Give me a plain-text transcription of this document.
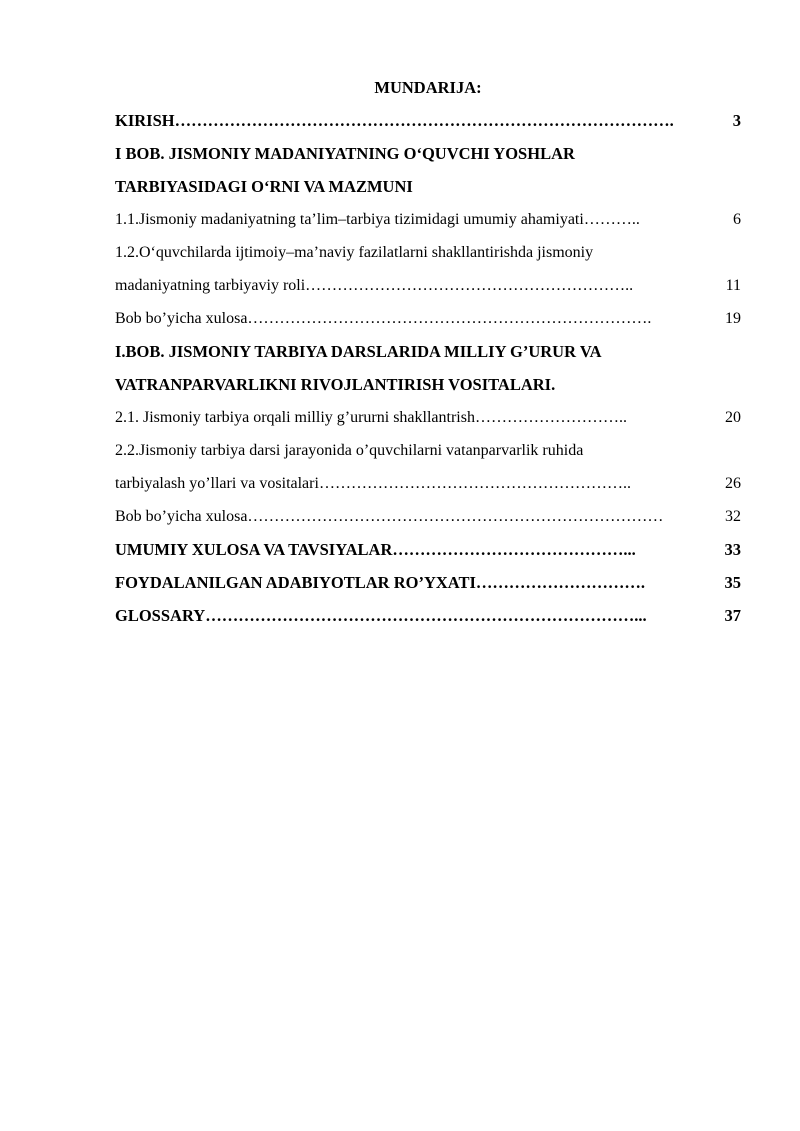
MUNDARIJA:
KIRISH ……………………………………………………………………………….	3
I BOB. JISMONIY MADANIYATNING O‘QUVCHI YOSHLAR
TARBIYASIDAGI O‘RNI VA MAZMUNI
1.1.Jismoniy madaniyatning ta’lim–tarbiya tizimidagi umumiy ahamiyati ………..	6
1.2.O‘quvchilarda ijtimoiy–ma’naviy fazilatlarni shakllantirishda jismoniy
madaniyatning tarbiyaviy roli ……………………………………………………..	11
Bob bo’yicha xulosa ………………………………………………………………….	19
I.BOB. JISMONIY TARBIYA DARSLARIDA MILLIY G’URUR VA
VATRANPARVARLIKNI RIVOJLANTIRISH VOSITALARI.
2.1. Jismoniy tarbiya orqali milliy g’ururni shakllantrish ………………………..	20
2.2.Jismoniy tarbiya darsi jarayonida o’quvchilarni vatanparvarlik ruhida
tarbiyalash yo’llari va vositalari …………………………………………………..	26
Bob bo’yicha xulosa ……………………………………………………………………	32
UMUMIY XULOSA VA TAVSIYALAR ……………………………………...	33
FOYDALANILGAN ADABIYOTLAR RO’YXATI ………………………….	35
GLOSSARY ……………………………………………………………………...	37
